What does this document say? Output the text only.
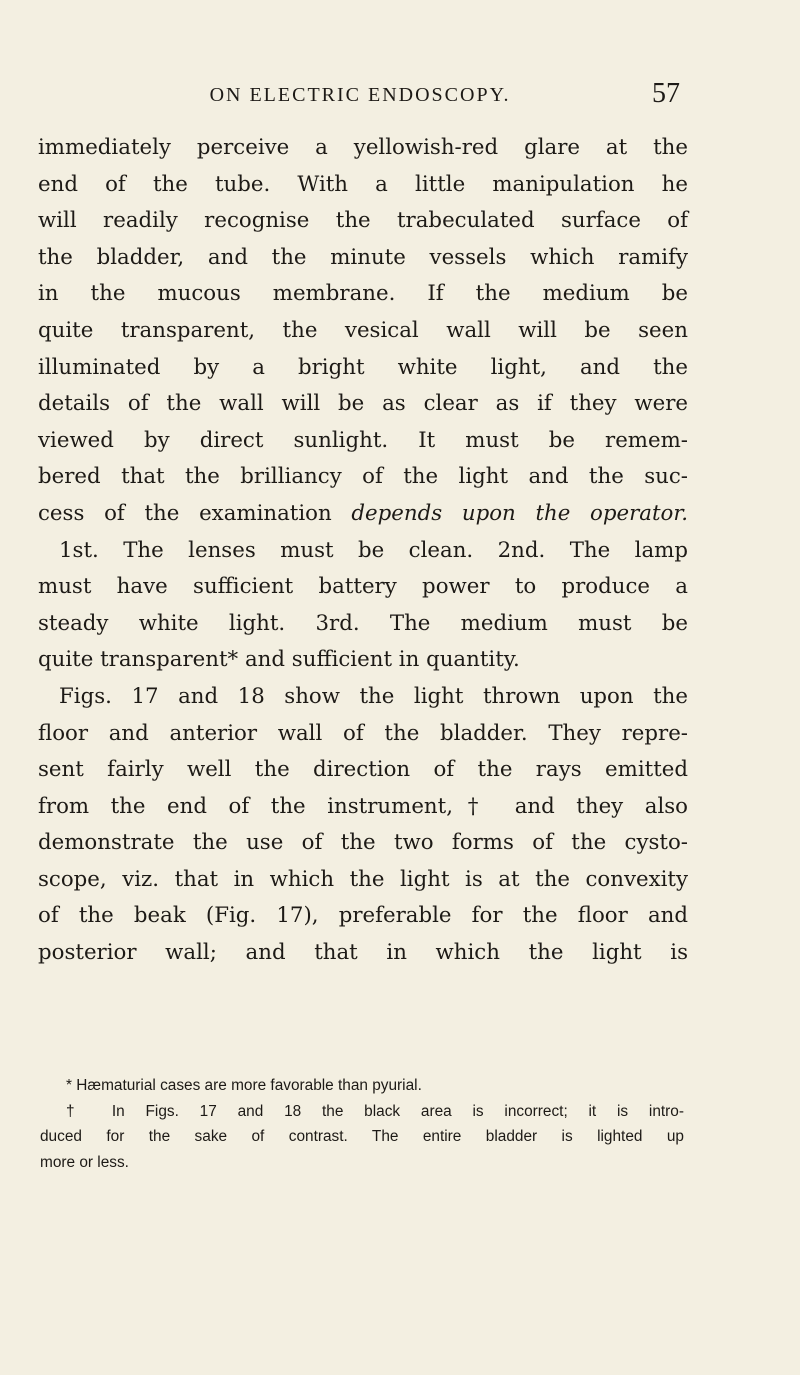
ON ELECTRIC ENDOSCOPY.	57
immediately perceive a yellowish-red glare at the
end of the tube. With a little manipulation he
will readily recognise the trabeculated surface of
the bladder, and the minute vessels which ramify
in the mucous membrane. If the medium be
quite transparent, the vesical wall will be seen
illuminated by a bright white light, and the
details of the wall will be as clear as if they were
viewed by direct sunlight. It must be remem-
bered that the brilliancy of the light and the suc-
cess of the examination depends upon the operator.
1st. The lenses must be clean. 2nd. The lamp
must have sufficient battery power to produce a
steady white light. 3rd. The medium must be
quite transparent* and sufficient in quantity.
Figs. 17 and 18 show the light thrown upon the
floor and anterior wall of the bladder. They repre-
sent fairly well the direction of the rays emitted
from the end of the instrument,† and they also
demonstrate the use of the two forms of the cysto-
scope, viz. that in which the light is at the convexity
of the beak (Fig. 17), preferable for the floor and
posterior wall; and that in which the light is
* Hæmaturial cases are more favorable than pyurial.
† In Figs. 17 and 18 the black area is incorrect; it is intro-
duced for the sake of contrast. The entire bladder is lighted up
more or less.
